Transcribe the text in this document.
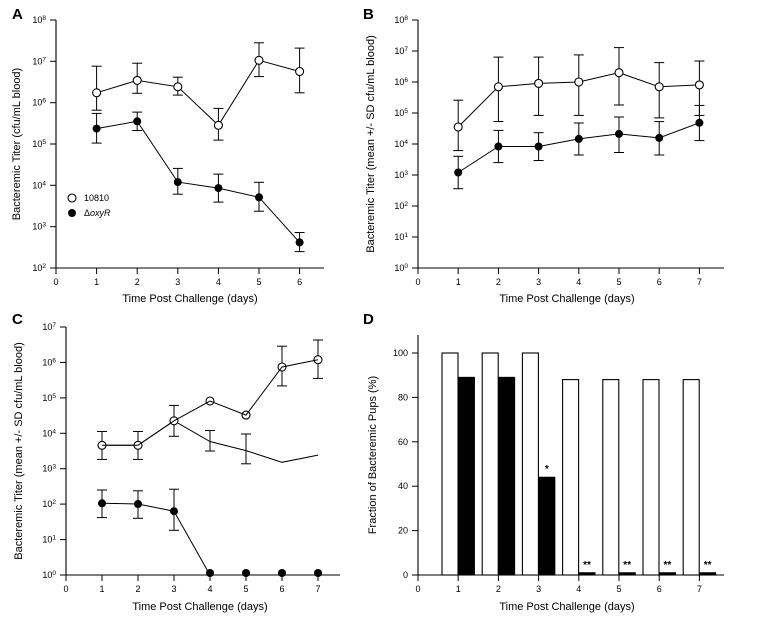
A	B
C	D
$10^2$
$10^3$
$10^4$
$10^5$
$10^6$
$10^7$
$10^8$
0	1	2	3	4	5	6
Time Post Challenge (days)
Bacteremic Titer (cfu/mL blood)	10810
ΔoxyR
$10^0$
$10^1$
$10^2$
$10^3$
$10^4$
$10^5$
$10^6$
$10^7$
$10^8$
0	1	2	3	4	5	6	7
Time Post Challenge (days)
Bacteremic Titer (mean +/- SD cfu/mL blood)
$10^0$
$10^1$
$10^2$
$10^3$
$10^4$
$10^5$
$10^6$
$10^7$
0	1	2	3	4	5	6	7
Time Post Challenge (days)
Bacteremic Titer (mean +/- SD cfu/mL blood)
0
20
40
60
80
100
0	1	2	3	4	5	6	7
Time Post Challenge (days)
Fraction of Bacteremic Pups (%)	*
**	**	**	**
